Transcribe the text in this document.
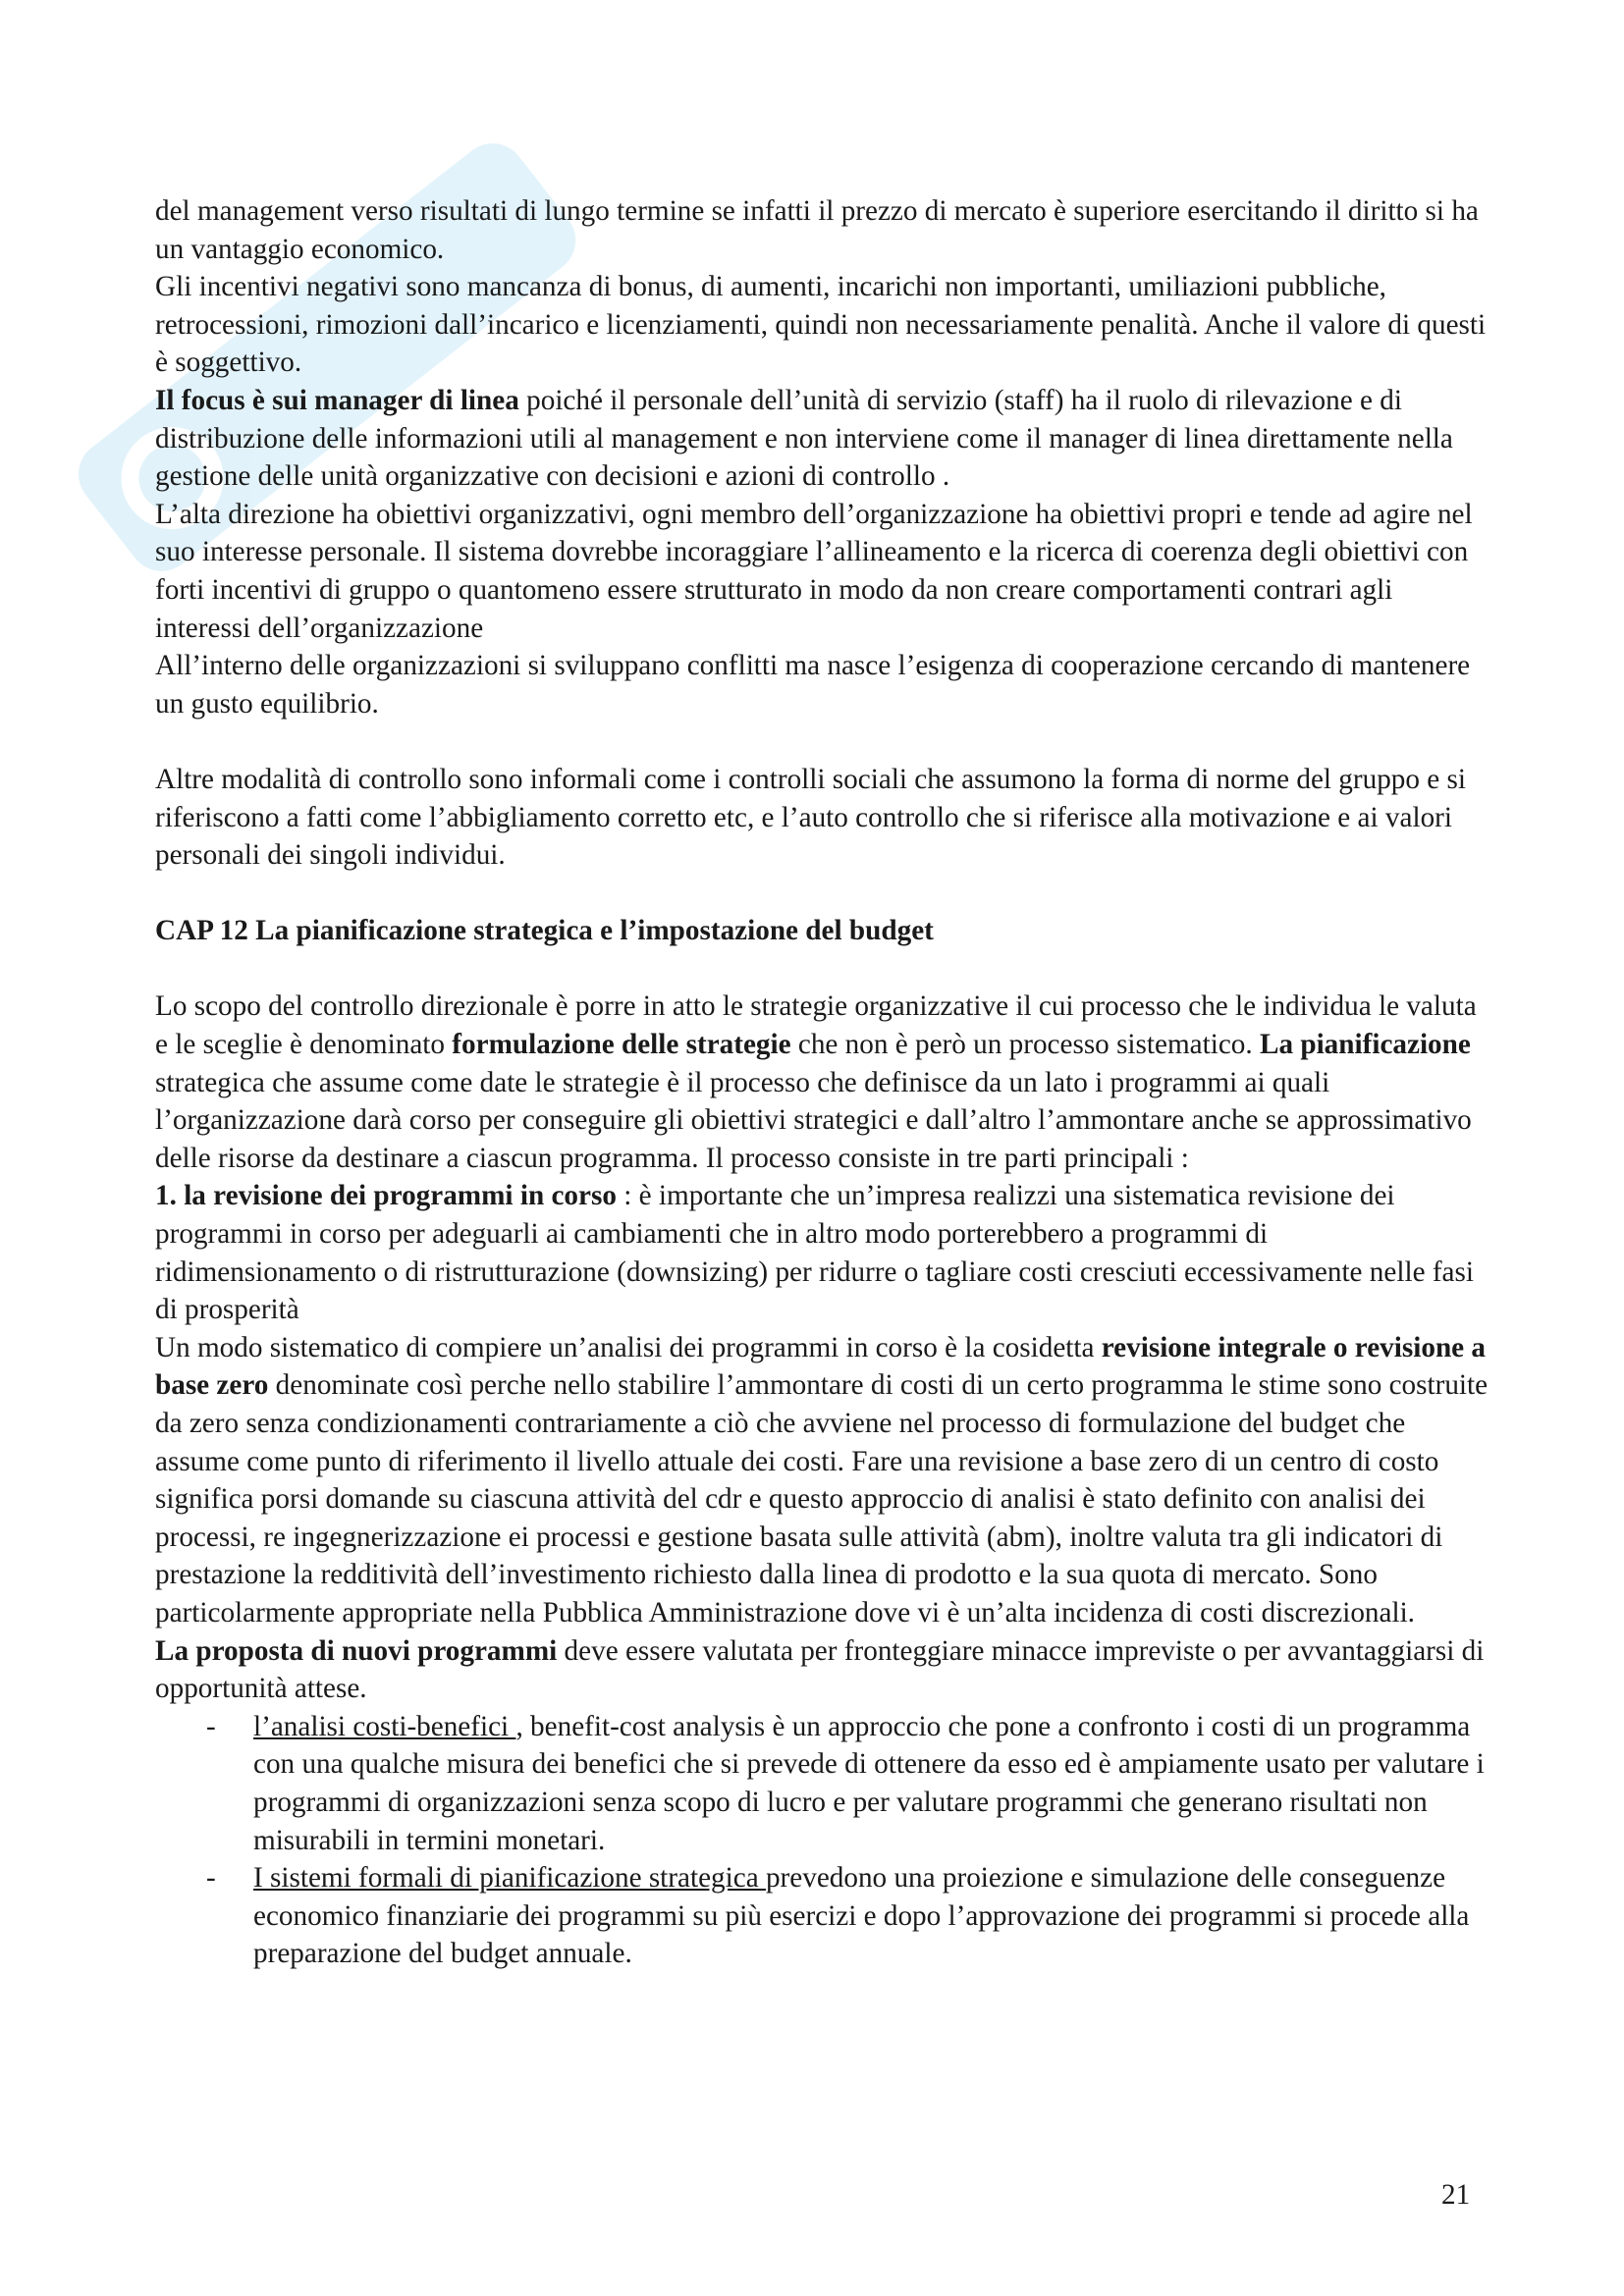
del management verso risultati di lungo termine se infatti il prezzo di mercato è superiore esercitando il diritto si ha un vantaggio economico.

Gli incentivi negativi sono mancanza di bonus, di aumenti, incarichi non importanti, umiliazioni pubbliche, retrocessioni, rimozioni dall’incarico e licenziamenti, quindi non necessariamente penalità. Anche il valore di questi è soggettivo.

Il focus è sui manager di linea poiché il personale dell’unità di servizio (staff) ha il ruolo di rilevazione e di distribuzione delle informazioni utili al management e non interviene come il manager di linea direttamente nella gestione delle unità organizzative con decisioni e azioni di controllo .

L’alta direzione ha obiettivi organizzativi, ogni membro dell’organizzazione ha obiettivi propri e tende ad agire nel suo interesse personale. Il sistema dovrebbe incoraggiare l’allineamento e la ricerca di coerenza degli obiettivi con forti incentivi di gruppo o quantomeno essere strutturato in modo da non creare comportamenti contrari agli interessi dell’organizzazione

All’interno delle organizzazioni si sviluppano conflitti ma nasce l’esigenza di cooperazione cercando di mantenere un gusto equilibrio.

Altre modalità di controllo sono informali come i controlli sociali che assumono la forma di norme del gruppo e si riferiscono a fatti come l’abbigliamento corretto etc, e l’auto controllo che si riferisce alla motivazione e ai valori personali dei singoli individui.

CAP 12 La pianificazione strategica e l’impostazione del budget

Lo scopo del controllo direzionale è porre in atto le strategie organizzative il cui processo che le individua le valuta e le sceglie è denominato formulazione delle strategie che non è però un processo sistematico. La pianificazione strategica che assume come date le strategie è il processo che definisce da un lato i programmi ai quali l’organizzazione darà corso per conseguire gli obiettivi strategici e dall’altro l’ammontare anche se approssimativo delle risorse da destinare a ciascun programma. Il processo consiste in tre parti principali :

1. la revisione dei programmi in corso : è importante che un’impresa realizzi una sistematica revisione dei programmi in corso per adeguarli ai cambiamenti che in altro modo porterebbero a programmi di ridimensionamento o di ristrutturazione (downsizing) per ridurre o tagliare costi cresciuti eccessivamente nelle fasi di prosperità

Un modo sistematico di compiere un’analisi dei programmi in corso è la cosidetta revisione integrale o revisione a base zero denominate così perche nello stabilire l’ammontare di costi di un certo programma le stime sono costruite da zero senza condizionamenti contrariamente a ciò che avviene nel processo di formulazione del budget che assume come punto di riferimento il livello attuale dei costi. Fare una revisione a base zero di un centro di costo significa porsi domande su ciascuna attività del cdr e questo approccio di analisi è stato definito con analisi dei processi, re ingegnerizzazione ei processi e gestione basata sulle attività (abm), inoltre valuta tra gli indicatori di prestazione la redditività dell’investimento richiesto dalla linea di prodotto e la sua quota di mercato. Sono particolarmente appropriate nella Pubblica Amministrazione dove vi è un’alta incidenza di costi discrezionali.

La proposta di nuovi programmi deve essere valutata per fronteggiare minacce impreviste o per avvantaggiarsi di opportunità attese.

- l’analisi costi-benefici , benefit-cost analysis è un approccio che pone a confronto i costi di un programma con una qualche misura dei benefici che si prevede di ottenere da esso ed è ampiamente usato per valutare i programmi di organizzazioni senza scopo di lucro e per valutare programmi che generano risultati non misurabili in termini monetari.
- I sistemi formali di pianificazione strategica prevedono una proiezione e simulazione delle conseguenze economico finanziarie dei programmi su più esercizi e dopo l’approvazione dei programmi si procede alla preparazione del budget annuale.
21
